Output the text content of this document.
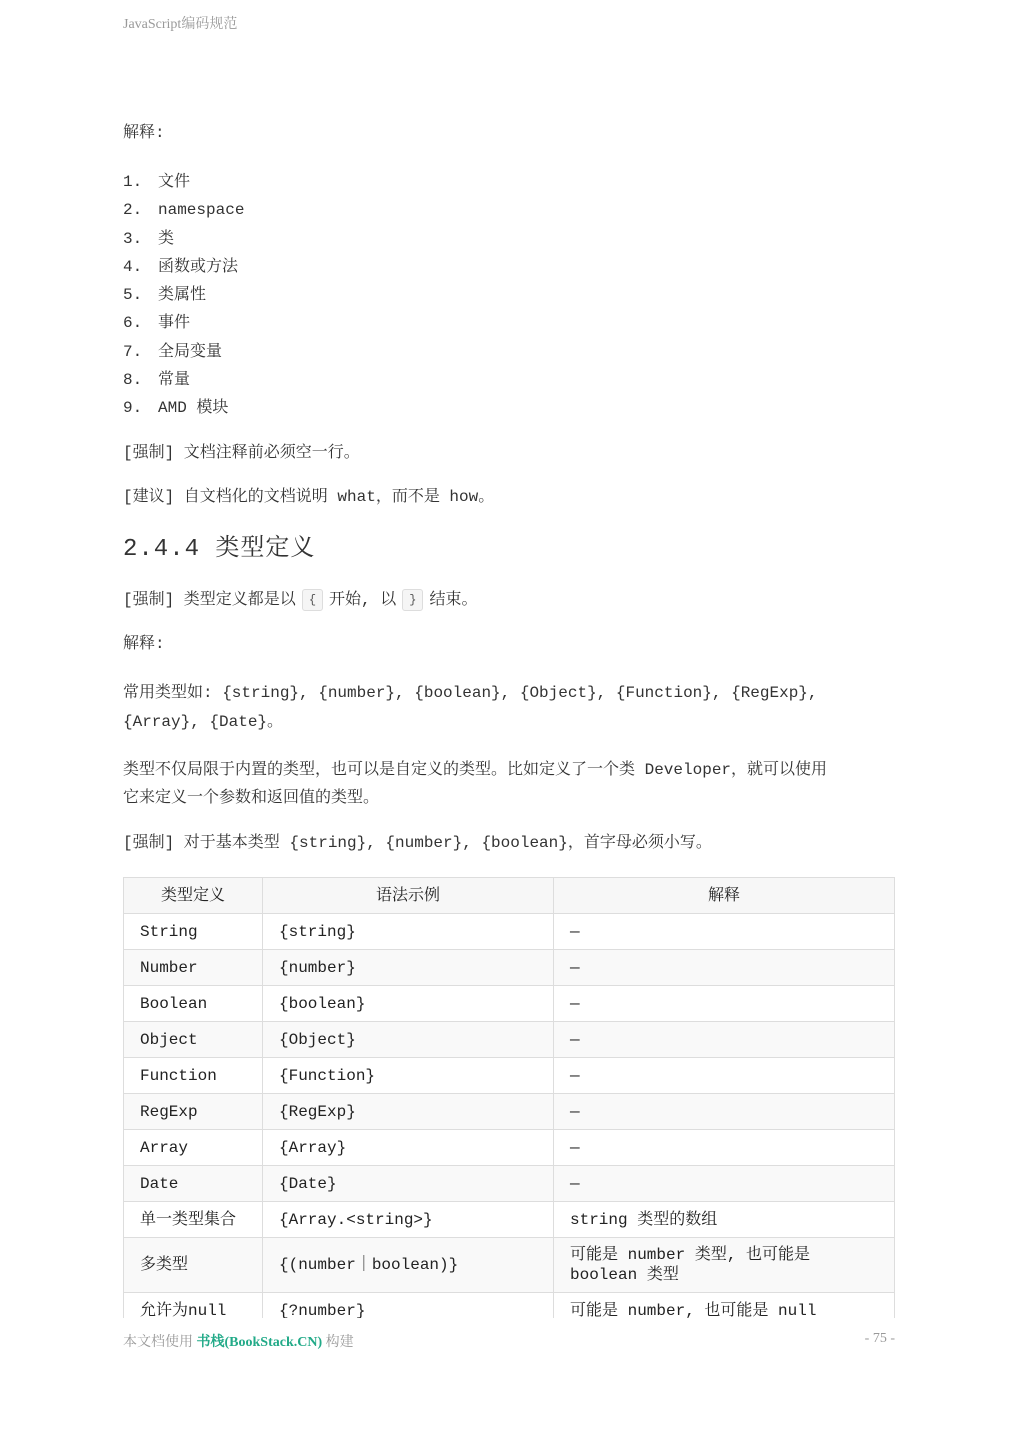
JavaScript编码规范

解释:

1. 文件
2. namespace
3. 类
4. 函数或方法
5. 类属性
6. 事件
7. 全局变量
8. 常量
9. AMD 模块

[强制] 文档注释前必须空一行。

[建议] 自文档化的文档说明 what，而不是 how。

2.4.4 类型定义

[强制] 类型定义都是以 { 开始, 以 } 结束。

解释:

常用类型如: {string}, {number}, {boolean}, {Object}, {Function}, {RegExp},

{Array}, {Date}。

类型不仅局限于内置的类型，也可以是自定义的类型。比如定义了一个类 Developer，就可以使用

它来定义一个参数和返回值的类型。

[强制] 对于基本类型 {string}, {number}, {boolean}，首字母必须小写。

类型定义	语法示例	解释
String	{string}	—
Number	{number}	—
Boolean	{boolean}	—
Object	{Object}	—
Function	{Function}	—
RegExp	{RegExp}	—
Array	{Array}	—
Date	{Date}	—
单一类型集合	{Array.<string>}	string 类型的数组
多类型	{(number｜boolean)}	可能是 number 类型, 也可能是 boolean 类型
允许为null	{?number}	可能是 number, 也可能是 null
本文档使用 书栈(BookStack.CN) 构建	- 75 -
